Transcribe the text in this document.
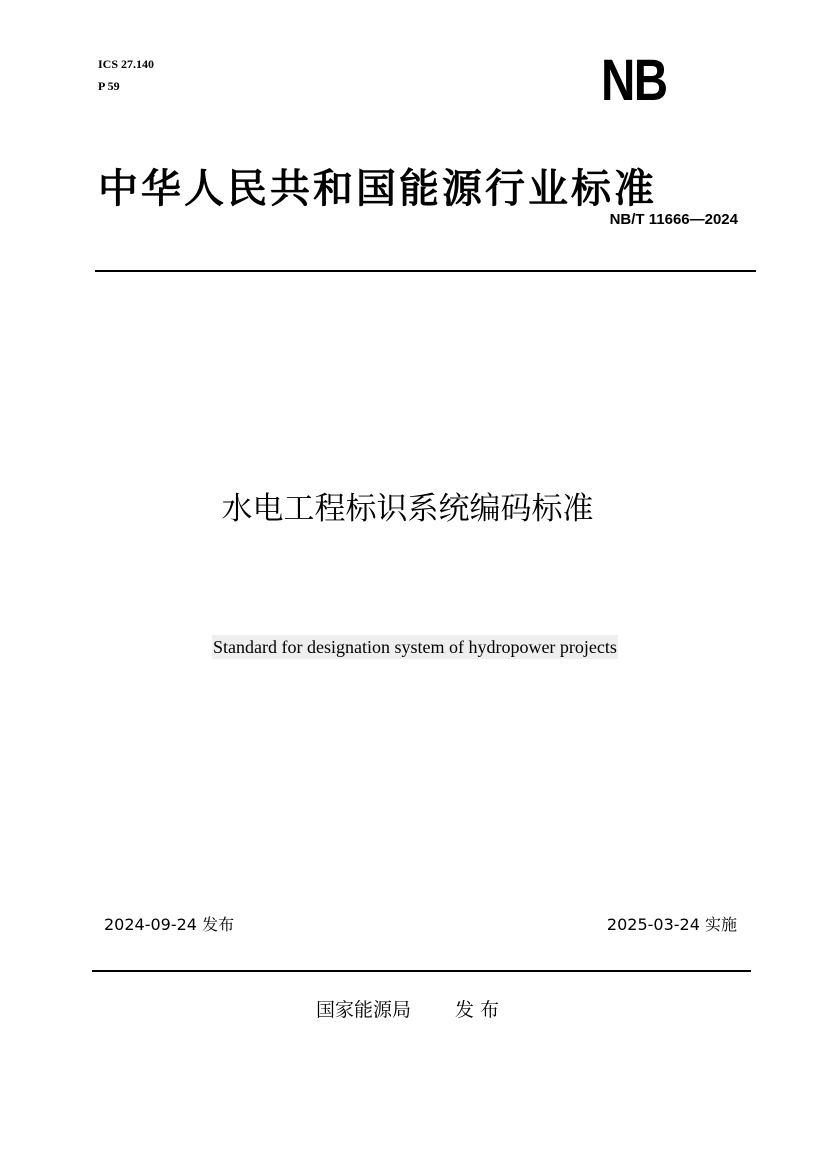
ICS 27.140
P 59	NB
中华人民共和国能源行业标准
NB/T 11666—2024
水电工程标识系统编码标准
Standard for designation system of hydropower projects
2024-09-24 发布	2025-03-24 实施
国家能源局 发 布
